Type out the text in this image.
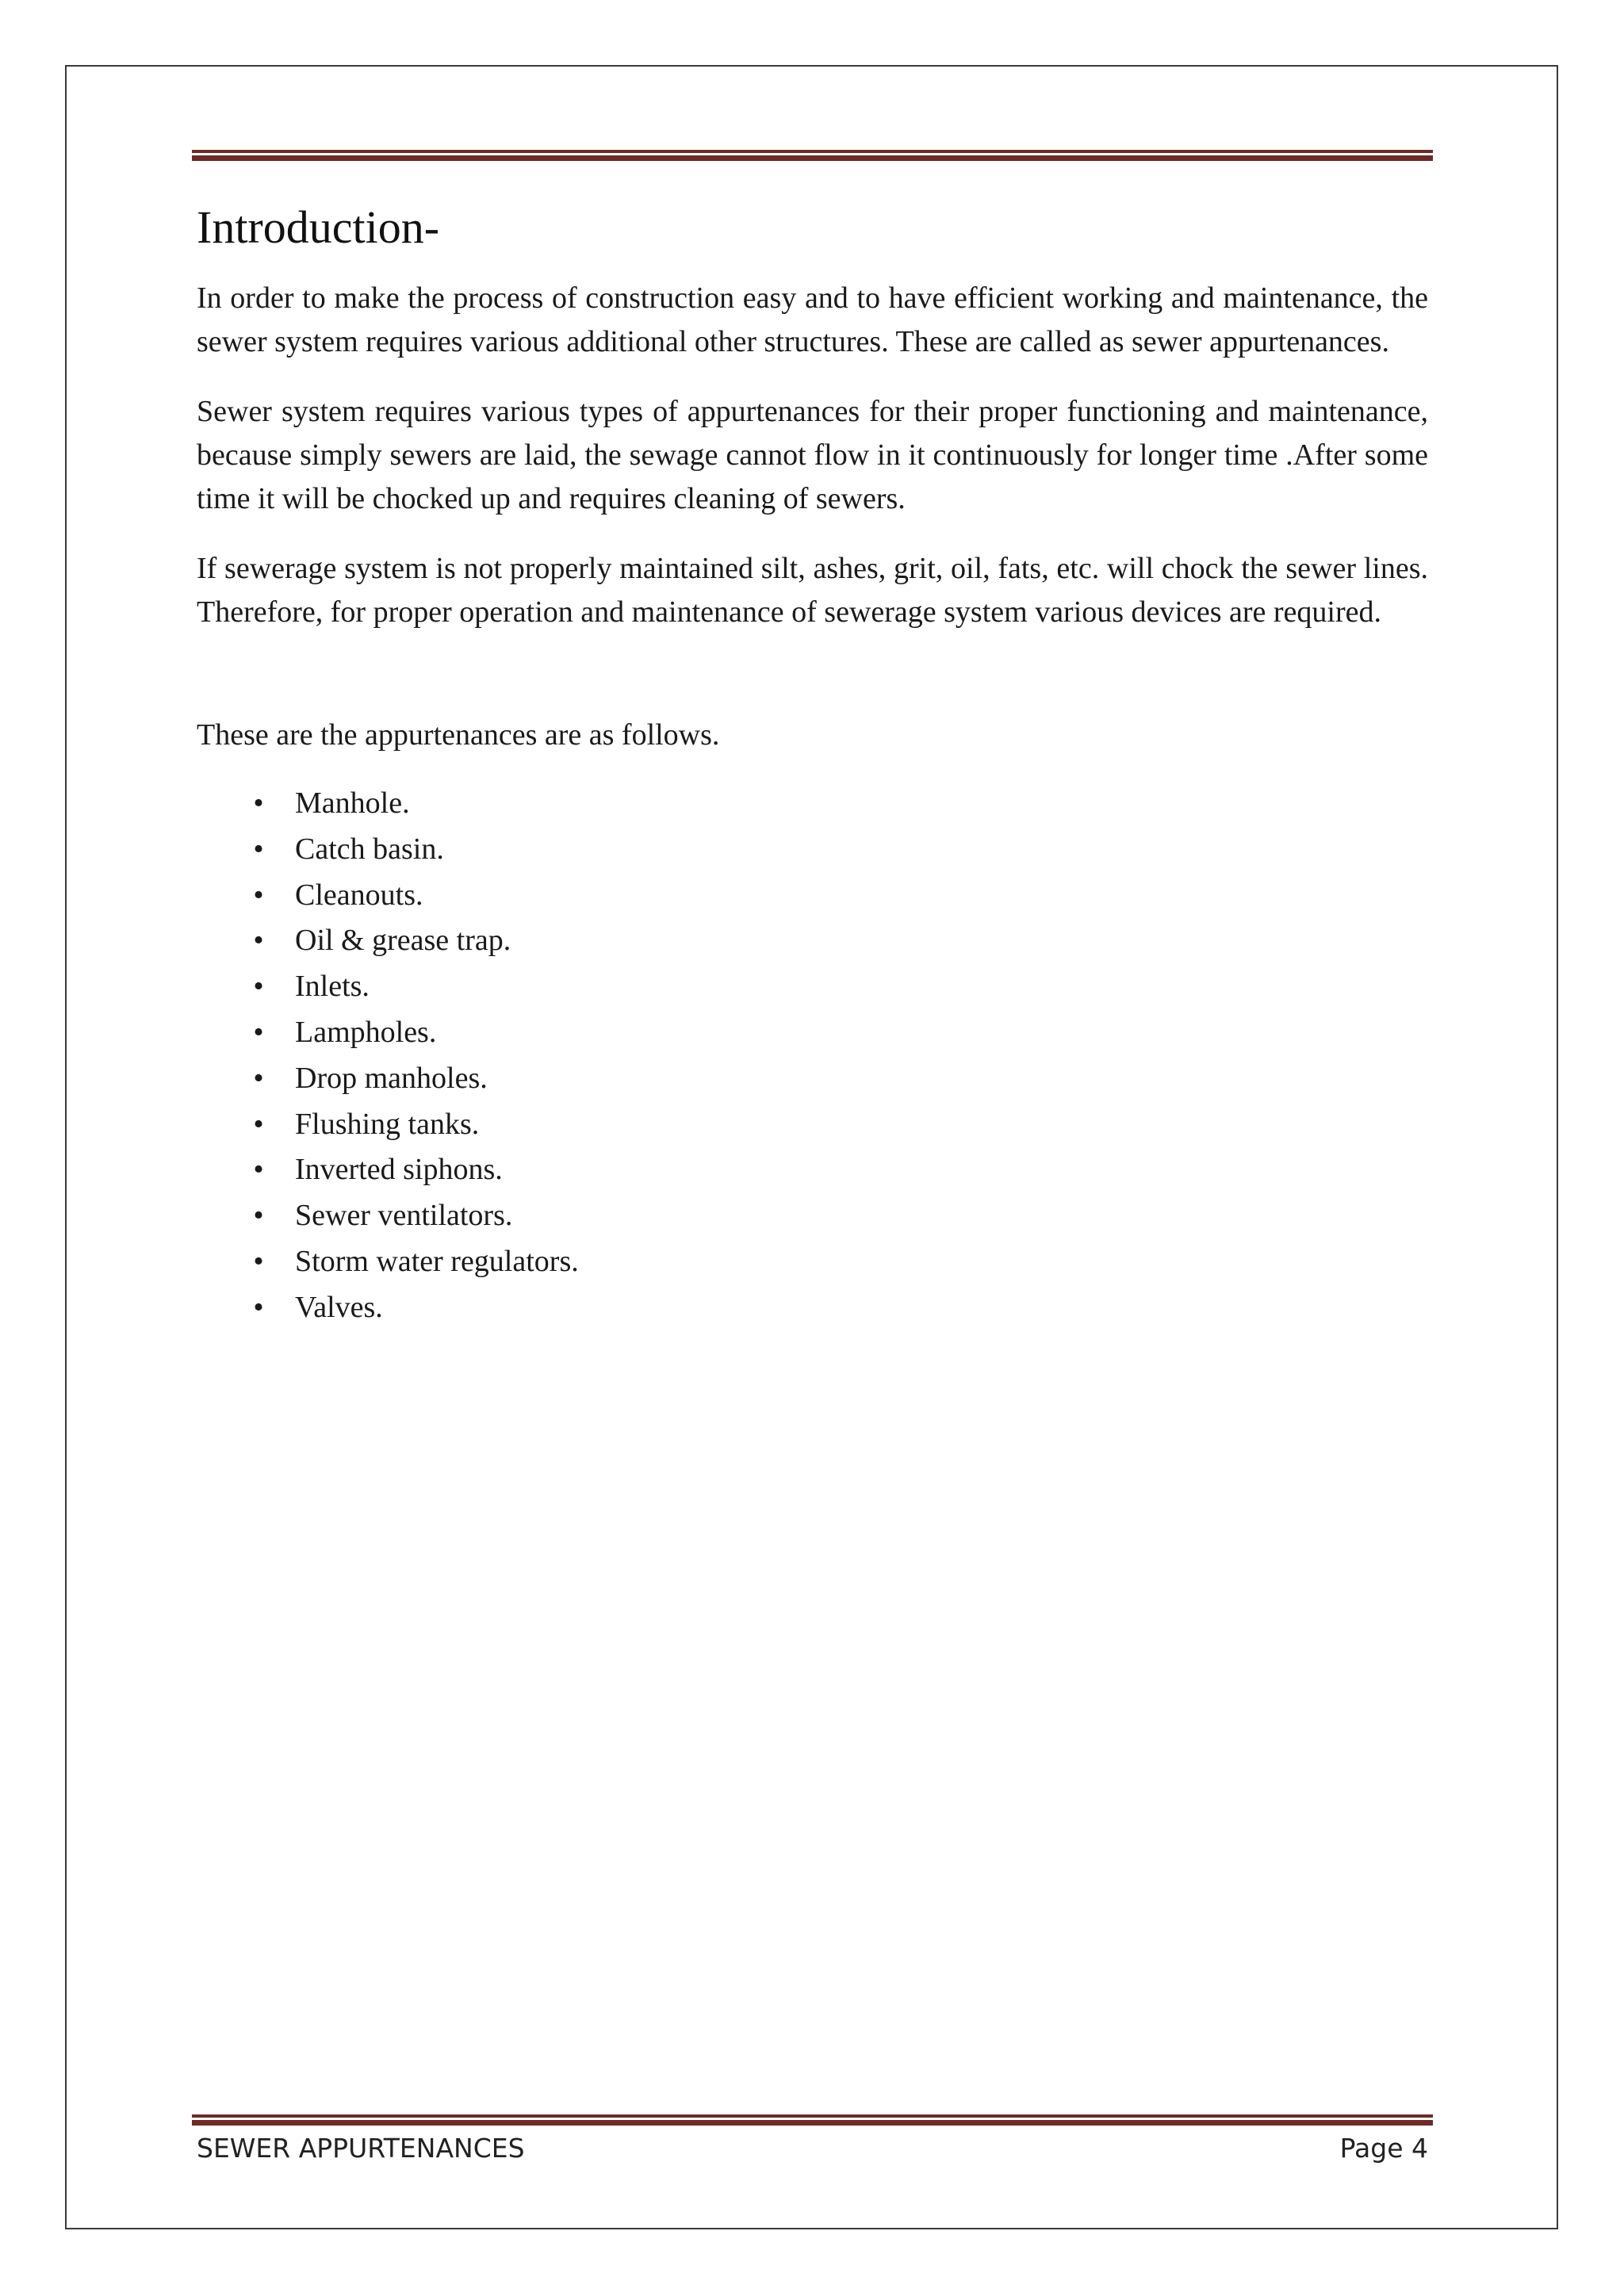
Introduction-

In order to make the process of construction easy and to have efficient working and maintenance, the sewer system requires various additional other structures. These are called as sewer appurtenances.

Sewer system requires various types of appurtenances for their proper functioning and maintenance, because simply sewers are laid, the sewage cannot flow in it continuously for longer time .After some time it will be chocked up and requires cleaning of sewers.

If sewerage system is not properly maintained silt, ashes, grit, oil, fats, etc. will chock the sewer lines. Therefore, for proper operation and maintenance of sewerage system various devices are required.

These are the appurtenances are as follows.

• Manhole.
• Catch basin.
• Cleanouts.
• Oil & grease trap.
• Inlets.
• Lampholes.
• Drop manholes.
• Flushing tanks.
• Inverted siphons.
• Sewer ventilators.
• Storm water regulators.
• Valves.
SEWER APPURTENANCES	Page 4
